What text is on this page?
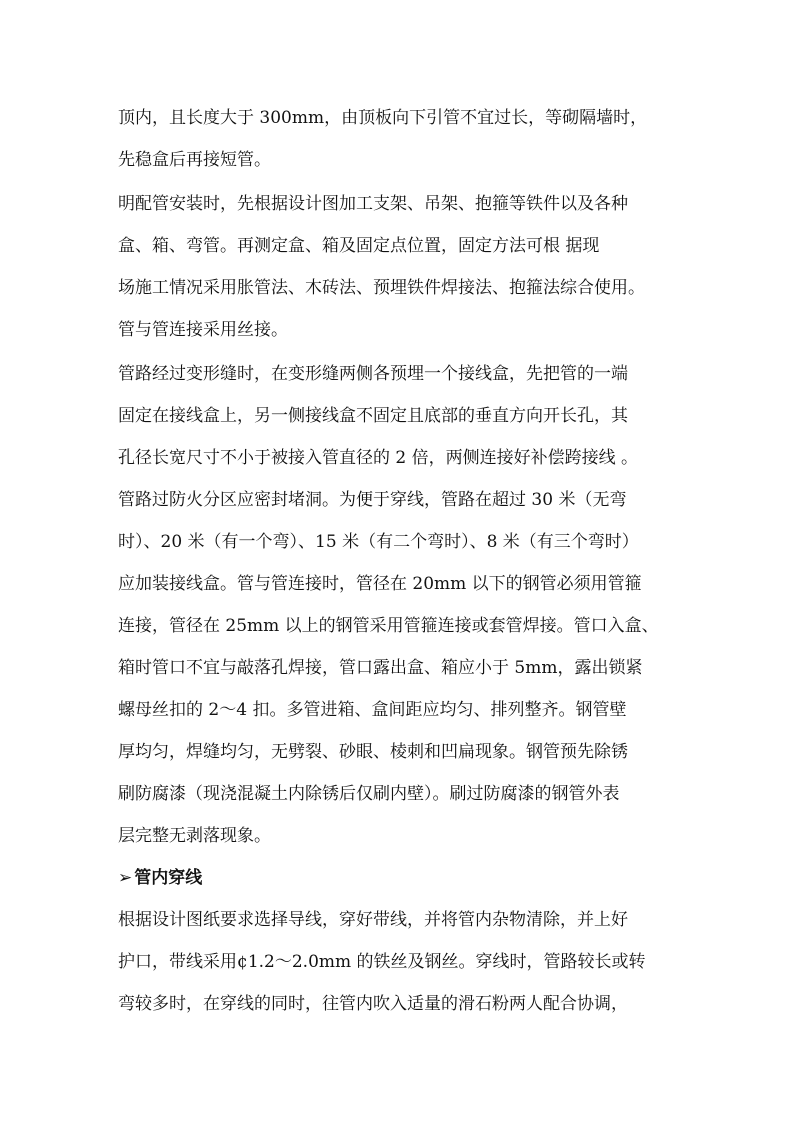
顶内，且长度大于 300mm，由顶板向下引管不宜过长，等砌隔墙时，
先稳盒后再接短管。
明配管安装时，先根据设计图加工支架、吊架、抱箍等铁件以及各种
盒、箱、弯管。再测定盒、箱及固定点位置，固定方法可根 据现
场施工情况采用胀管法、木砖法、预埋铁件焊接法、抱箍法综合使用。
管与管连接采用丝接。
管路经过变形缝时，在变形缝两侧各预埋一个接线盒，先把管的一端
固定在接线盒上，另一侧接线盒不固定且底部的垂直方向开长孔，其
孔径长宽尺寸不小于被接入管直径的 2 倍，两侧连接好补偿跨接线 。
管路过防火分区应密封堵洞。为便于穿线，管路在超过 30 米（无弯
时）、20 米（有一个弯）、15 米（有二个弯时）、8 米（有三个弯时）
应加装接线盒。管与管连接时，管径在 20mm 以下的钢管必须用管箍
连接，管径在 25mm 以上的钢管采用管箍连接或套管焊接。管口入盒、
箱时管口不宜与敲落孔焊接，管口露出盒、箱应小于 5mm，露出锁紧
螺母丝扣的 2～4 扣。多管进箱、盒间距应均匀、排列整齐。钢管壁
厚均匀，焊缝均匀，无劈裂、砂眼、棱刺和凹扁现象。钢管预先除锈
刷防腐漆（现浇混凝土内除锈后仅刷内壁）。刷过防腐漆的钢管外表
层完整无剥落现象。
➢ 管内穿线
根据设计图纸要求选择导线，穿好带线，并将管内杂物清除，并上好
护口，带线采用¢1.2～2.0mm 的铁丝及钢丝。穿线时，管路较长或转
弯较多时，在穿线的同时，往管内吹入适量的滑石粉两人配合协调，
